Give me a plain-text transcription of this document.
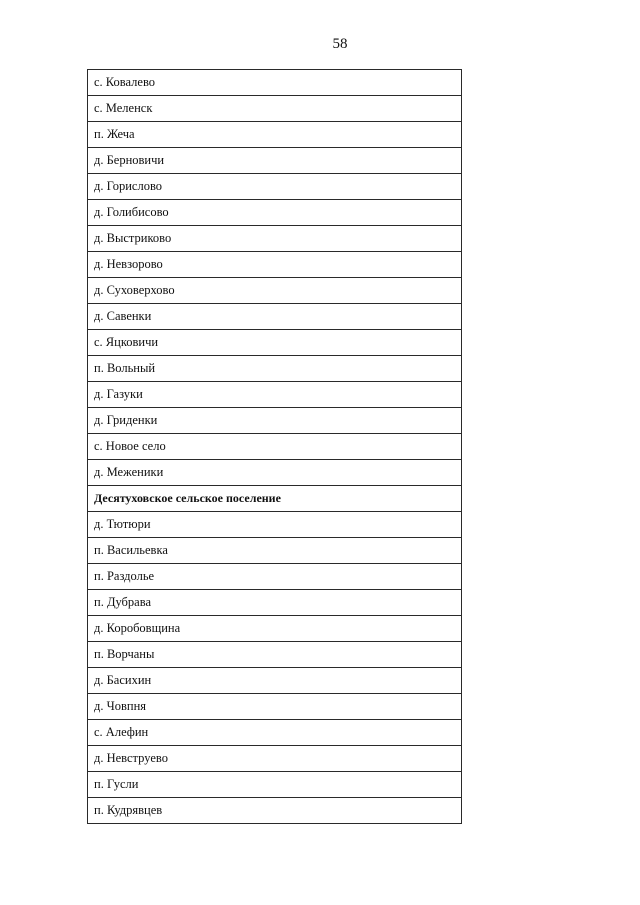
58
с. Ковалево
с. Меленск
п. Жеча
д. Берновичи
д. Горислово
д. Голибисово
д. Выстриково
д. Невзорово
д. Суховерхово
д. Савенки
с. Яцковичи
п. Вольный
д. Газуки
д. Гриденки
с. Новое село
д. Меженики
Десятуховское сельское поселение
д. Тютюри
п. Васильевка
п. Раздолье
п. Дубрава
д. Коробовщина
п. Ворчаны
д. Басихин
д. Човпня
с. Алефин
д. Невструево
п. Гусли
п. Кудрявцев
